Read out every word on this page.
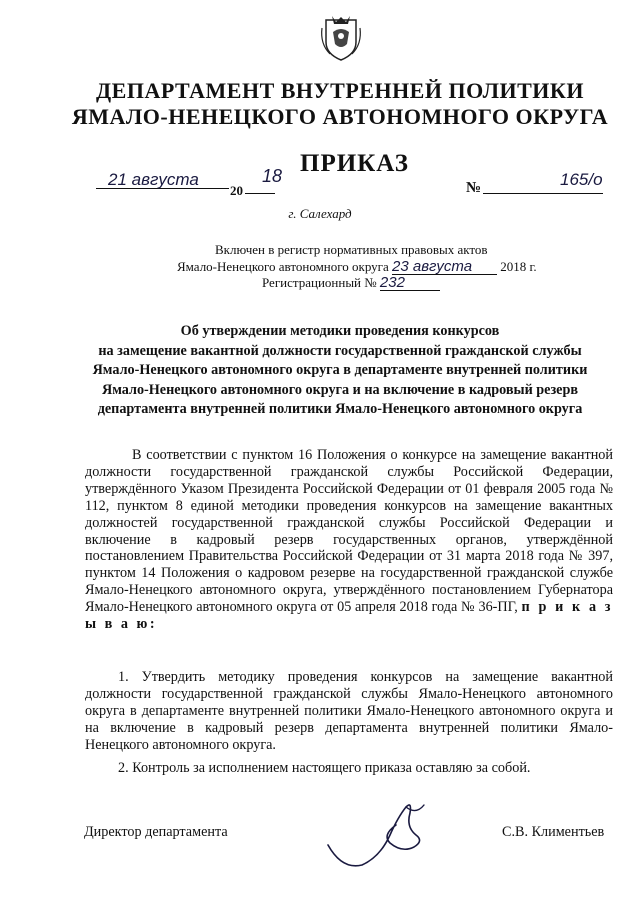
ДЕПАРТАМЕНТ ВНУТРЕННЕЙ ПОЛИТИКИ
ЯМАЛО-НЕНЕЦКОГО АВТОНОМНОГО ОКРУГА
ПРИКАЗ
21 августа
20
18
№	165/о
г. Салехард
Включен в регистр нормативных правовых актов
Ямало-Ненецкого автономного округа 23 августа 2018 г.
Регистрационный № 232
Об утверждении методики проведения конкурсов
на замещение вакантной должности государственной гражданской службы
Ямало-Ненецкого автономного округа в департаменте внутренней политики
Ямало-Ненецкого автономного округа и на включение в кадровый резерв
департамента внутренней политики Ямало-Ненецкого автономного округа
В соответствии с пунктом 16 Положения о конкурсе на замещение вакантной должности государственной гражданской службы Российской Федерации, утверждённого Указом Президента Российской Федерации от 01 февраля 2005 года № 112, пунктом 8 единой методики проведения конкурсов на замещение вакантных должностей государственной гражданской службы Российской Федерации и включение в кадровый резерв государственных органов, утверждённой постановлением Правительства Российской Федерации от 31 марта 2018 года № 397, пунктом 14 Положения о кадровом резерве на государственной гражданской службе Ямало-Ненецкого автономного округа, утверждённого постановлением Губернатора Ямало-Ненецкого автономного округа от 05 апреля 2018 года № 36-ПГ, п р и к а з ы в а ю:
1. Утвердить методику проведения конкурсов на замещение вакантной должности государственной гражданской службы Ямало-Ненецкого автономного округа в департаменте внутренней политики Ямало-Ненецкого автономного округа и на включение в кадровый резерв департамента внутренней политики Ямало-Ненецкого автономного округа.
2. Контроль за исполнением настоящего приказа оставляю за собой.
Директор департамента	С.В. Климентьев
